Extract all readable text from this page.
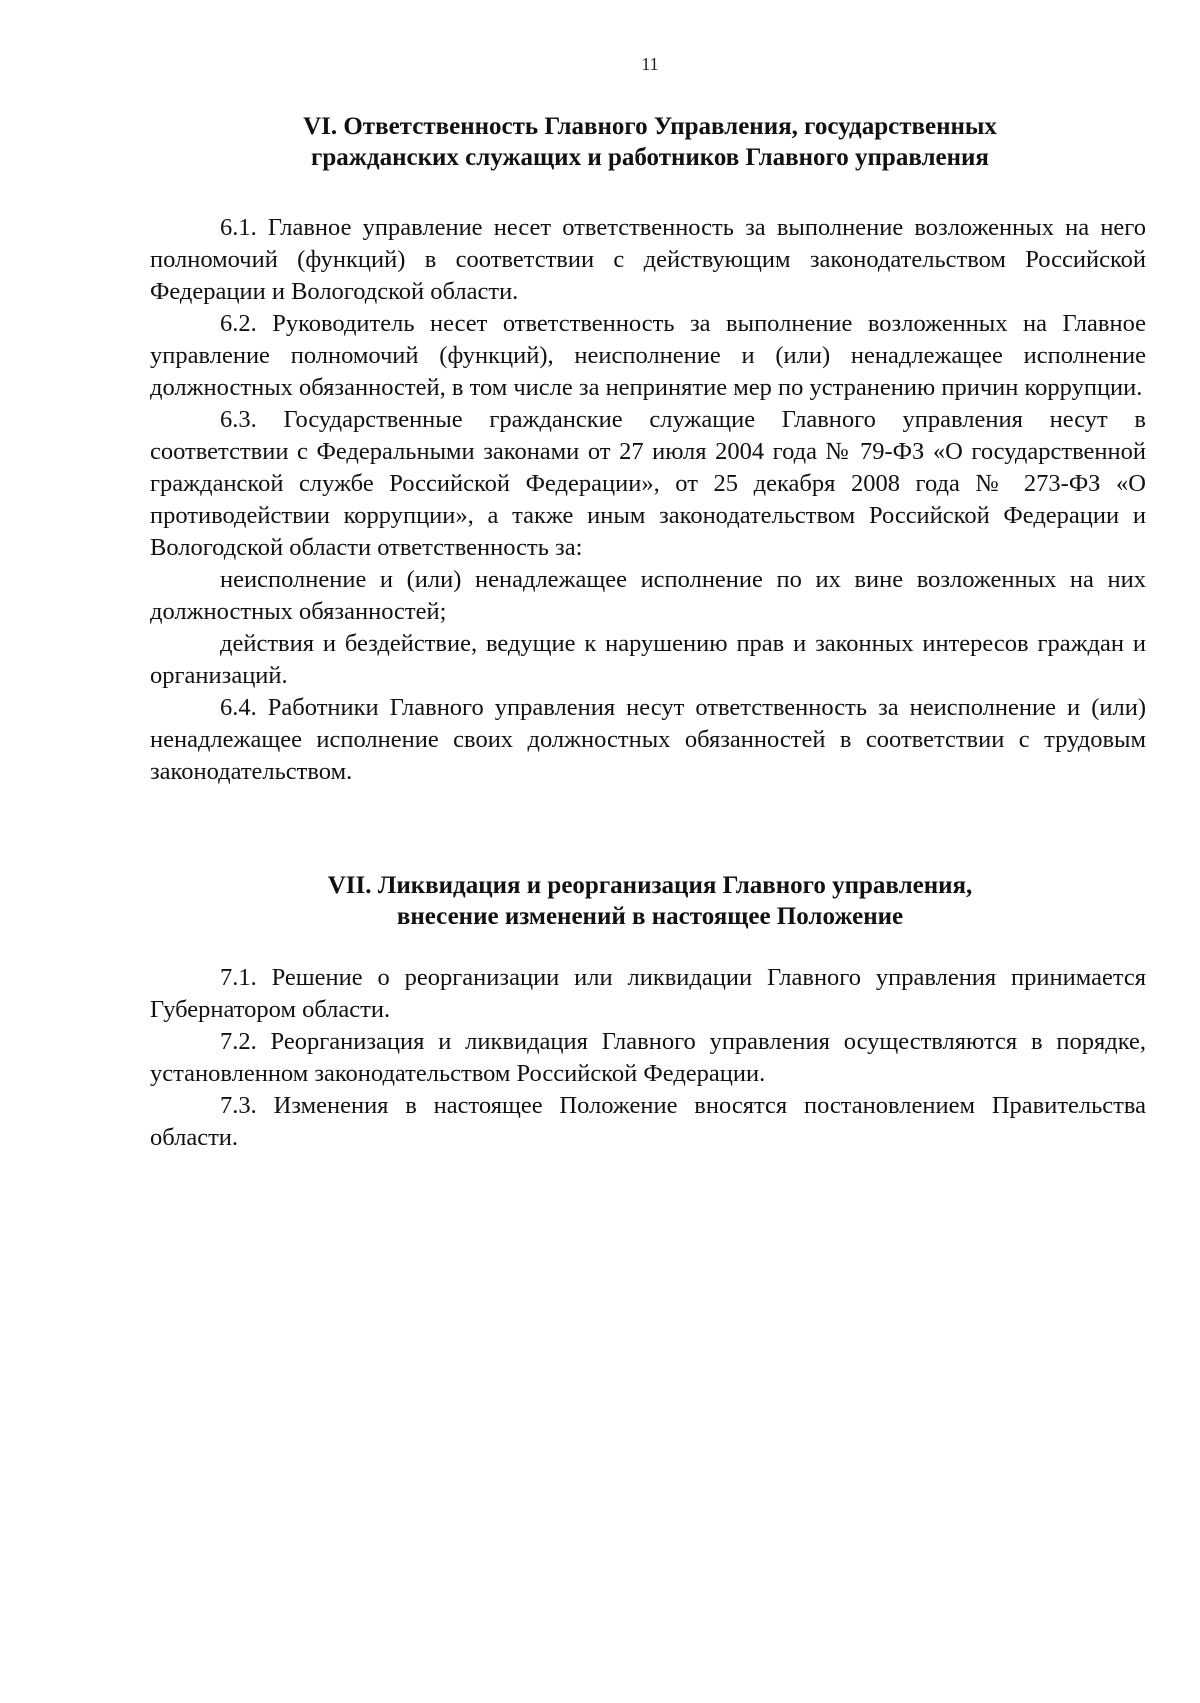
11
VI. Ответственность Главного Управления, государственных
гражданских служащих и работников Главного управления

6.1. Главное управление несет ответственность за выполнение возложенных на него полномочий (функций) в соответствии с действующим законодательством Российской Федерации и Вологодской области.

6.2. Руководитель несет ответственность за выполнение возложенных на Главное управление полномочий (функций), неисполнение и (или) ненадлежащее исполнение должностных обязанностей, в том числе за непринятие мер по устранению причин коррупции.

6.3. Государственные гражданские служащие Главного управления несут в соответствии с Федеральными законами от 27 июля 2004 года № 79-ФЗ «О государственной гражданской службе Российской Федерации», от 25 декабря 2008 года № 273-ФЗ «О противодействии коррупции», а также иным законодательством Российской Федерации и Вологодской области ответственность за:

неисполнение и (или) ненадлежащее исполнение по их вине возложенных на них должностных обязанностей;

действия и бездействие, ведущие к нарушению прав и законных интересов граждан и организаций.

6.4. Работники Главного управления несут ответственность за неисполнение и (или) ненадлежащее исполнение своих должностных обязанностей в соответствии с трудовым законодательством.

VII. Ликвидация и реорганизация Главного управления,
внесение изменений в настоящее Положение

7.1. Решение о реорганизации или ликвидации Главного управления принимается Губернатором области.

7.2. Реорганизация и ликвидация Главного управления осуществляются в порядке, установленном законодательством Российской Федерации.

7.3. Изменения в настоящее Положение вносятся постановлением Правительства области.
